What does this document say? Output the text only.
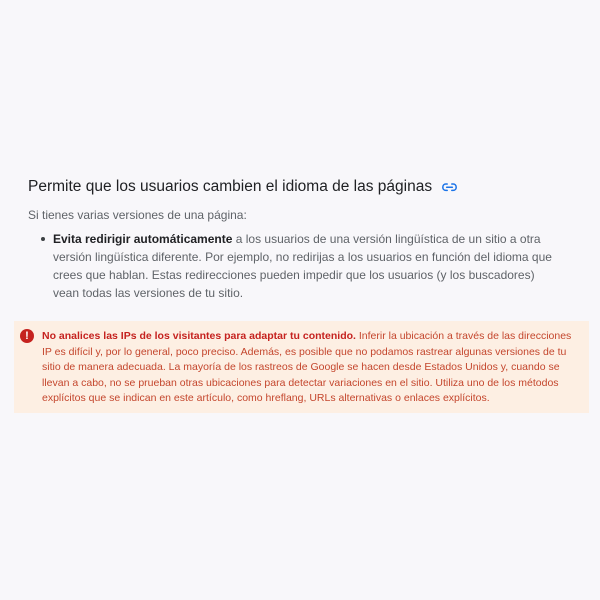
Permite que los usuarios cambien el idioma de las páginas

Si tienes varias versiones de una página:

Evita redirigir automáticamente a los usuarios de una versión lingüística de un sitio a otra versión lingüística diferente. Por ejemplo, no redirijas a los usuarios en función del idioma que crees que hablan. Estas redirecciones pueden impedir que los usuarios (y los buscadores) vean todas las versiones de tu sitio.
!	No analices las IPs de los visitantes para adaptar tu contenido. Inferir la ubicación a través de las direcciones IP es difícil y, por lo general, poco preciso. Además, es posible que no podamos rastrear algunas versiones de tu sitio de manera adecuada. La mayoría de los rastreos de Google se hacen desde Estados Unidos y, cuando se llevan a cabo, no se prueban otras ubicaciones para detectar variaciones en el sitio. Utiliza uno de los métodos explícitos que se indican en este artículo, como hreflang, URLs alternativas o enlaces explícitos.
